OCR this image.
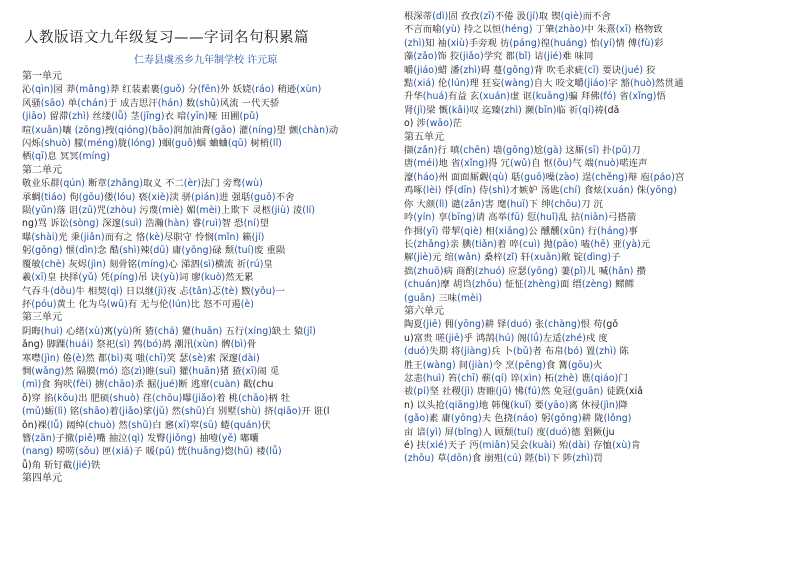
人教版语文九年级复习——字词名句积累篇
仁寿县虞丞乡九年制学校 许元琼
第一单元
沁(qìn)园 莽(mǎng)莽 红装素裹(guǒ) 分(fēn)外 妖娆(ráo) 稍逊(xùn)
风骚(sāo) 单(chán)于 成吉思汗(hán) 数(shǔ)风流 一代天骄
(jiāo) 留滞(zhì) 丝缕(lǚ) 茎(jīng)衣 喑(yīn)哑 田圃(pǔ)
喧(xuān)嚷 (zōng)拽(qióng)(bāo)润加油膏(gāo) 灌(níng)望 颤(chàn)动
闪烁(shuò) 朦(méng)胧(lóng) )蝈(guō)蝈 蛐蛐(qū) 树梢(lǐ)
栖(qī)息 冥冥(míng)
第二单元
敬业乐群(qún) 断章(zhāng)取义 不二(èr)法门 旁骛(wù)
承蜩(tiáo) 佝(gōu)偻(lóu) 亵(xiè)渎 骈(pián)进 强聒(guō)不舍
陨(yǔn)落 诅(zǔ)咒(zhòu) 污蔑(miè) 媚(mèi)上欺下 灵柩(jiù) 淩(lí)
ng)骂 诉讼(sòng) 深邃(suì) 浩瀚(hàn) 睿(ruì)智 恐(ní)望
曝(shài)光 秉(jiǎn)而有之 恪(kè)尽职守 怜悯(mǐn) 籁(jí)
躬(gōng) 惬(dìn)念 酷(shì)辣(dū) 庸(yōng)碌 颓(tuí)废 重陨
覆敏(chè) 灰烬(jìn) 刻骨铭(míng)心 涕泗(sì)横流 祈(rú)皇
羲(xī)皇 抉择(yǔ) 凭(píng)吊 诀(yù)词 廖(kuò)然无累
气吞斗(dǒu)牛 相契(qì) 日以继(jì)夜 忐(tǎn)忑(tè) 黢(yǒu)一
抔(póu)黄土 化为乌(wū)有 无与伦(lún)比 怒不可遏(è)
第三单元
阴晦(huì) 心绪(xù)寓(yù)所 猹(chá) 獾(huān) 五行(xíng)缺土 猿(jǐ)
ǎng) 脚踝(huái) 祭祀(sì) 鹁(bó)鸪 潮汛(xùn) 髀(bì)骨
寒噤(jìn) 倦(è)然 都(bì)夷 嗤(chī)笑 瑟(sè)索 深邃(dài)
惆(wǎng)然 隔膜(mó) 恣(zì)睢(suī) 獾(huān)猪 猹(xī)闹 觅
(mì)食 狗吠(fèi) 掳(chāo)杀 掘(jué)断 逃窜(cuàn) 戳(chu
ō)穿 掐(kǒu)出 肥硕(shuò) 荏(chōu)曝(jiǎo)着 桃(chāo)柄 牡
(mǔ)蛎(lì) 铭(shāo)着(jiǎo)挲(jū) 然(shū)白 别墅(shù) 挤(qiāo)开 诳(l
ǒn)裸(lǚ) 阔绰(chuò) 然(shū)白 窸(xī)窣(sū) 蜷(quán)伏
簪(zān)子撤(piě)嘴 抽泣(qì) 发臀(jiǒng) 抽噎(yē) 嘟囔
(nang) 唠唠(sǒu) 匣(xiá)子 暖(pǔ) 恍(huǎng)惚(hū) 褛(lǚ)
ǚ)角 斩钉截(jié)铁
第四单元
根深蒂(dì)固 孜孜(zī)不倦 汲(jí)取 锲(qiè)而不舍
不言而喻(yù) 持之以恒(héng) 丁肇(zhào)中 朱熹(xī) 格物致
(zhì)知 袖(xiù)手旁观 彷(páng)徨(huáng) 怡(yí)情 傅(fù)彩
藻(zǎo)饰 狡(jiǎo)学究 都(bǐ) 诘(jié)难 味同
嚼(jiáo)蜡 潘(zhì)碍 蔓(gōng)背 吹毛求疵(cī) 要诀(jué) 狡
黠(xiá) 伦(lún)理 狂妄(wàng)自大 咬文嚼(jiáo)字 豁(huò)然贯通
升华(huá)有益 玄(xuán)虚 诓(kuāng)骗 拜佛(fó) 省(xǐng)悟
肾(jì)梁 慨(kǎi)叹 迄臻(zhì) 濒(bīn)临 祈(qí)祷(dǎ
o) 涉(wāo)茫
第五单元
撷(zǎn)行 嗔(chēn) 墙(gōng)尬(gà) 这厮(sī) 扑(pū)刀
唐(méi)地 省(xǐng)得 冗(wǔ)自 怄(ōu)气 端(nuò)喏连声
濠(háo)州 面面厮觑(qù) 聒(guō)噪(zào) 逞(chěng)辩 庖(páo)宫
鸡啄(lèi) 俘(dīn) 侍(shì)才嫉妒 汤匙(chí) 食炫(xuán) 侏(yōng)
你 大颜(lì) 谴(zǎn)害 麾(huī)下 绅(chōu)刀 沉
吟(yín) 享(bīng)请 高举(fū) 愆(huǐ)乱 拈(niān)弓搭箭
作揖(yī) 带挈(qiè) 相(xiāng)公 醺醺(xūn) 行(háng)事
长(zhǎng)亲 腆(tiǎn)着 啐(cuì) 抛(pāo) 嗑(hē) 亚(yà)元
解(jiè)元 绾(wǎn) 桑梓(zǐ) 轩(xuān)敞 锭(dìng)子
拙(zhuō)病 商酌(zhuó) 应瑟(yōng) 萋(pǐ)儿 喊(hǎn) 攒
(chuán)摩 胡诌(zhōu) 怔怔(zhèng)面 缙(zèng) 鳏鳏
(guān) 三味(mèi)
第六单元
陶夏(jiē) 佣(yōng)耕 铎(duó) 张(chàng)恨 苟(gǒ
u)富贵 嗟(jiē)乎 鸿鹄(hú) 阁(lǘ)左适(zhé)戍 度
(duó)失期 将(jiàng)兵 卜(bǔ)者 布帛(bó) 置(zhì) 陈
胜王(wàng) 间(jiàn)令 烹(pēng)食 篝(gōu)火
忿恚(huì) 笞(chī) 蕲(qí) 谇(xìn) 柘(zhè) 谯(qiáo)门
祓(pí)坚 社稷(jì) 唐睢(jū) 怫(fú)然 免冠(guān) 徒跣(xiǎ
n) 以头抢(qiāng)地 韩傀(kuǐ) 要(yāo)离 休祲(jìn)降
(gǎo)素 庸(yōng)夫 色挠(náo) 躬(gōng)耕 陇(lǒng)
亩 谙(yì) 屏(bǐng)人 顾颓(tuí) 度(duó)德 猖獗(ju
é) 扶(xié)天子 沔(miǎn)吴会(kuài) 殆(dài) 存恤(xù)肯
(zhōu) 草(dōn)食 崩殂(cú) 陛(bì)下 陟(zhì)罚
